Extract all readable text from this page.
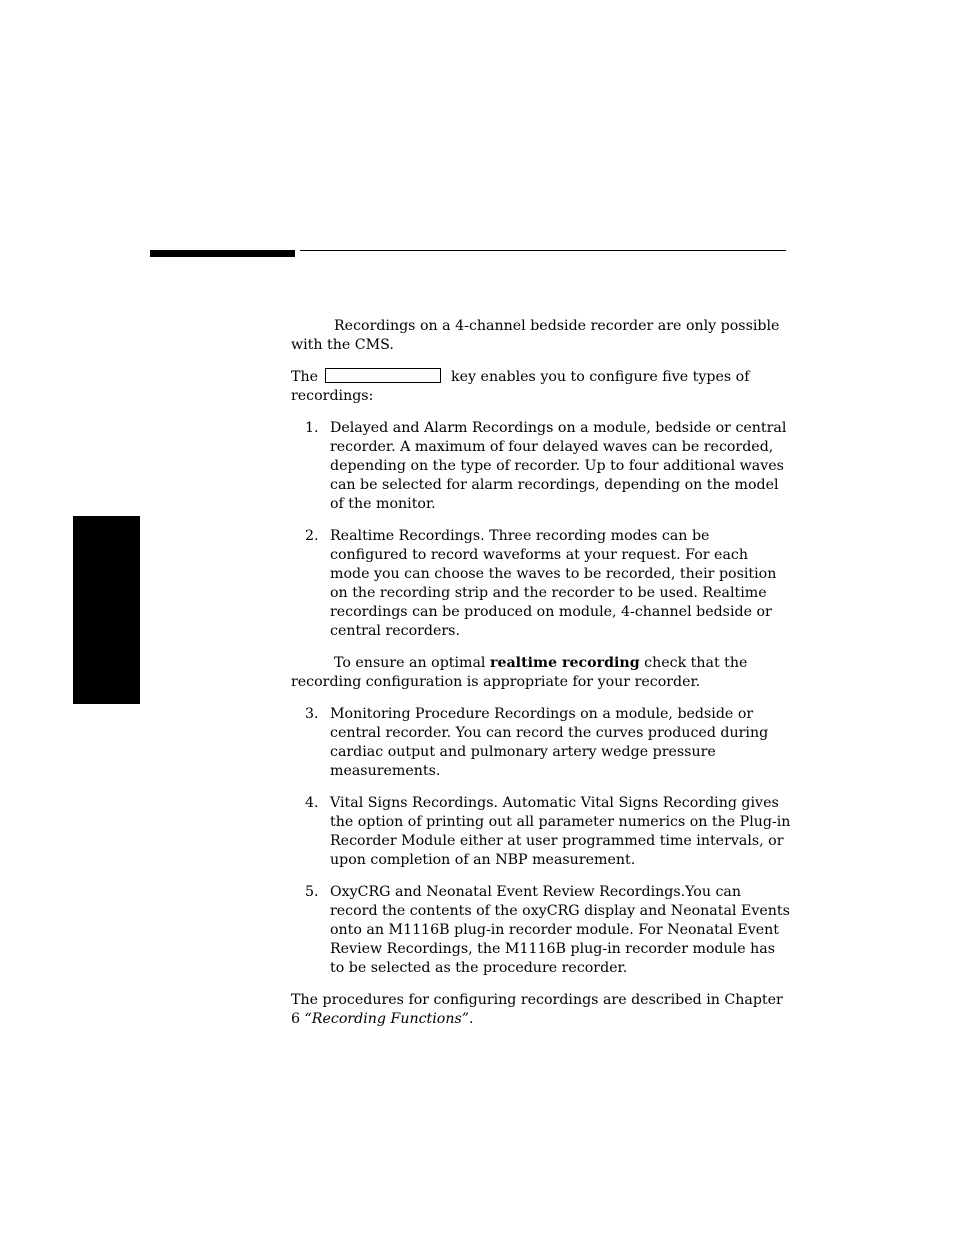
Recordings on a 4-channel bedside recorder are only possible with the CMS.

The	key enables you to configure five types of recordings:

1. Delayed and Alarm Recordings on a module, bedside or central recorder. A maximum of four delayed waves can be recorded, depending on the type of recorder. Up to four additional waves can be selected for alarm recordings, depending on the model of the monitor.
2. Realtime Recordings. Three recording modes can be configured to record waveforms at your request. For each mode you can choose the waves to be recorded, their position on the recording strip and the recorder to be used. Realtime recordings can be produced on module, 4-channel bedside or central recorders.

To ensure an optimal realtime recording check that the recording configuration is appropriate for your recorder.

3. Monitoring Procedure Recordings on a module, bedside or central recorder. You can record the curves produced during cardiac output and pulmonary artery wedge pressure measurements.
4. Vital Signs Recordings. Automatic Vital Signs Recording gives the option of printing out all parameter numerics on the Plug-in Recorder Module either at user programmed time intervals, or upon completion of an NBP measurement.
5. OxyCRG and Neonatal Event Review Recordings.You can record the contents of the oxyCRG display and Neonatal Events onto an M1116B plug-in recorder module. For Neonatal Event Review Recordings, the M1116B plug-in recorder module has to be selected as the procedure recorder.

The procedures for configuring recordings are described in Chapter 6 “Recording Functions”.
